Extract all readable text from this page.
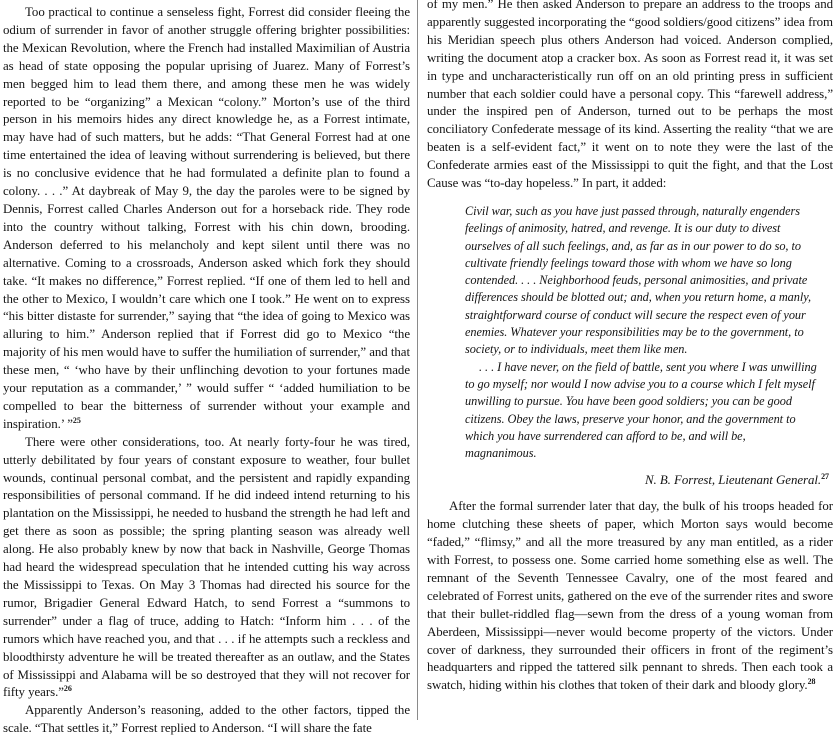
Too practical to continue a senseless fight, Forrest did consider fleeing the odium of surrender in favor of another struggle offering brighter possibilities: the Mexican Revolution, where the French had installed Maximilian of Austria as head of state opposing the popular uprising of Juarez. Many of Forrest’s men begged him to lead them there, and among these men he was widely reported to be “organizing” a Mexican “colony.” Morton’s use of the third person in his memoirs hides any direct knowledge he, as a Forrest intimate, may have had of such matters, but he adds: “That General Forrest had at one time entertained the idea of leaving without surrendering is believed, but there is no conclusive evidence that he had formulated a definite plan to found a colony. . . .” At daybreak of May 9, the day the paroles were to be signed by Dennis, Forrest called Charles Anderson out for a horseback ride. They rode into the country without talking, Forrest with his chin down, brooding. Anderson deferred to his melancholy and kept silent until there was no alternative. Coming to a crossroads, Anderson asked which fork they should take. “It makes no difference,” Forrest replied. “If one of them led to hell and the other to Mexico, I wouldn’t care which one I took.” He went on to express “his bitter distaste for surrender,” saying that “the idea of going to Mexico was alluring to him.” Anderson replied that if Forrest did go to Mexico “the majority of his men would have to suffer the humiliation of surrender,” and that these men, “ ‘who have by their unflinching devotion to your fortunes made your reputation as a commander,’ ” would suffer “ ‘added humiliation to be compelled to bear the bitterness of surrender without your example and inspiration.’ ”$^{25}$

There were other considerations, too. At nearly forty-four he was tired, utterly debilitated by four years of constant exposure to weather, four bullet wounds, continual personal combat, and the persistent and rapidly expanding responsibilities of personal command. If he did indeed intend returning to his plantation on the Mississippi, he needed to husband the strength he had left and get there as soon as possible; the spring planting season was already well along. He also probably knew by now that back in Nashville, George Thomas had heard the widespread speculation that he intended cutting his way across the Mississippi to Texas. On May 3 Thomas had directed his source for the rumor, Brigadier General Edward Hatch, to send Forrest a “summons to surrender” under a flag of truce, adding to Hatch: “Inform him . . . of the rumors which have reached you, and that . . . if he attempts such a reckless and bloodthirsty adventure he will be treated thereafter as an outlaw, and the States of Mississippi and Alabama will be so destroyed that they will not recover for fifty years.”$^{26}$

Apparently Anderson’s reasoning, added to the other factors, tipped the scale. “That settles it,” Forrest replied to Anderson. “I will share the fate

of my men.” He then asked Anderson to prepare an address to the troops and apparently suggested incorporating the “good soldiers/good citizens” idea from his Meridian speech plus others Anderson had voiced. Anderson complied, writing the document atop a cracker box. As soon as Forrest read it, it was set in type and uncharacteristically run off on an old printing press in sufficient number that each soldier could have a personal copy. This “farewell address,” under the inspired pen of Anderson, turned out to be perhaps the most conciliatory Confederate message of its kind. Asserting the reality “that we are beaten is a self-evident fact,” it went on to note they were the last of the Confederate armies east of the Mississippi to quit the fight, and that the Lost Cause was “to-day hopeless.” In part, it added:

Civil war, such as you have just passed through, naturally engenders feelings of animosity, hatred, and revenge. It is our duty to divest ourselves of all such feelings, and, as far as in our power to do so, to cultivate friendly feelings toward those with whom we have so long contended. . . . Neighborhood feuds, personal animosities, and private differences should be blotted out; and, when you return home, a manly, straightforward course of conduct will secure the respect even of your enemies. Whatever your responsibilities may be to the government, to society, or to individuals, meet them like men.

. . . I have never, on the field of battle, sent you where I was unwilling to go myself; nor would I now advise you to a course which I felt myself unwilling to pursue. You have been good soldiers; you can be good citizens. Obey the laws, preserve your honor, and the government to which you have surrendered can afford to be, and will be, magnanimous.

N. B. Forrest, Lieutenant General.$^{27}$

After the formal surrender later that day, the bulk of his troops headed for home clutching these sheets of paper, which Morton says would become “faded,” “flimsy,” and all the more treasured by any man entitled, as a rider with Forrest, to possess one. Some carried home something else as well. The remnant of the Seventh Tennessee Cavalry, one of the most feared and celebrated of Forrest units, gathered on the eve of the surrender rites and swore that their bullet-riddled flag—sewn from the dress of a young woman from Aberdeen, Mississippi—never would become property of the victors. Under cover of darkness, they surrounded their officers in front of the regiment’s headquarters and ripped the tattered silk pennant to shreds. Then each took a swatch, hiding within his clothes that token of their dark and bloody glory.$^{28}$
